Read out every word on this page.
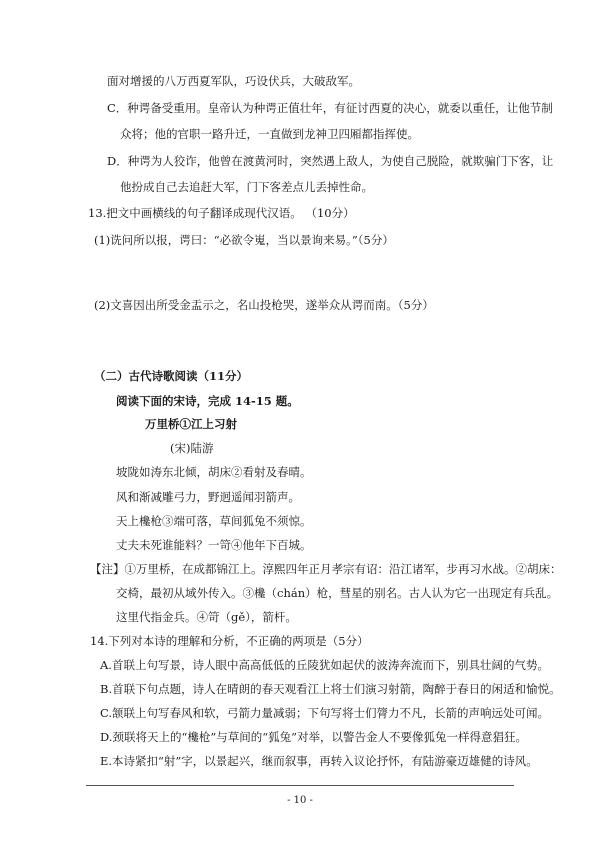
面对增援的八万西夏军队，巧设伏兵，大破敌军。
C．种谔备受重用。皇帝认为种谔正值壮年，有征讨西夏的决心，就委以重任，让他节制
众将；他的官职一路升迁，一直做到龙神卫四厢都指挥使。
D．种谔为人狡诈，他曾在渡黄河时，突然遇上敌人，为使自己脱险，就欺骗门下客，让
他扮成自己去追赶大军，门下客差点儿丢掉性命。
13.把文中画横线的句子翻译成现代汉语。 （10分）
(1)诜问所以报，谔曰：“必欲令嵬，当以景询来易。”（5分）
(2)文喜因出所受金盂示之，名山投枪哭，遂举众从谔而南。（5分）
（二）古代诗歌阅读（11分）
阅读下面的宋诗，完成 14-15 题。
万里桥①江上习射
(宋)陆游
坡陇如涛东北倾，胡床②看射及春晴。
风和渐减雕弓力，野迥遥闻羽箭声。
天上欃枪③端可落，草间狐兔不须惊。
丈夫未死谁能料？一笴④他年下百城。
【注】①万里桥，在成都锦江上。淳熙四年正月孝宗有诏：沿江诸军，步再习水战。②胡床：
交椅，最初从域外传入。③欃（chán）枪，彗星的别名。古人认为它一出现定有兵乱。
这里代指金兵。④笴（gě），箭杆。
14.下列对本诗的理解和分析，不正确的两项是（5分）
A.首联上句写景，诗人眼中高高低低的丘陵犹如起伏的波涛奔流而下，别具壮阔的气势。
B.首联下句点题，诗人在晴朗的春天观看江上将士们演习射箭，陶醉于春日的闲适和愉悦。
C.颔联上句写春风和软，弓箭力量减弱；下句写将士们膂力不凡，长箭的声响远处可闻。
D.颈联将天上的“欃枪”与草间的“狐兔”对举，以警告金人不要像狐兔一样得意猖狂。
E.本诗紧扣“射”字，以景起兴，继而叙事，再转入议论抒怀，有陆游豪迈雄健的诗风。
- 10 -
